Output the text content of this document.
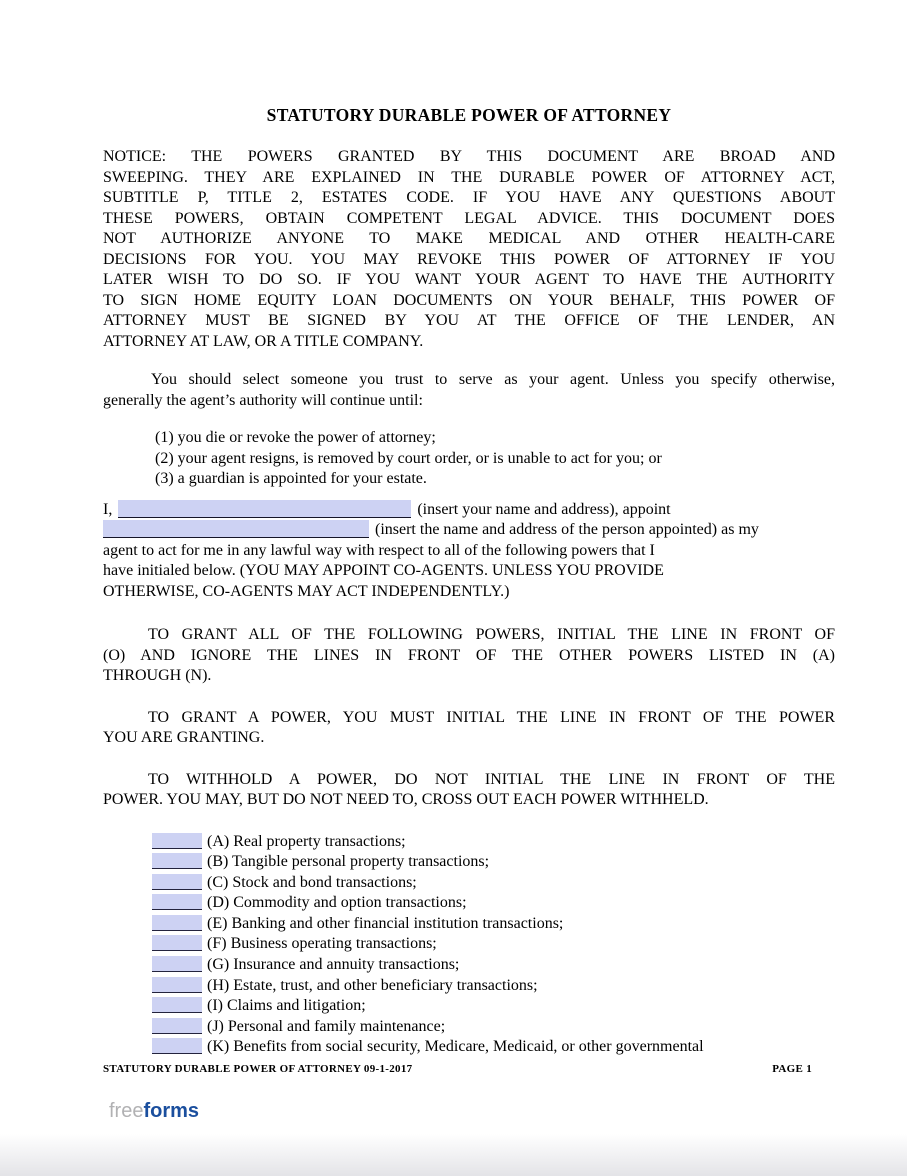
STATUTORY DURABLE POWER OF ATTORNEY
NOTICE: THE POWERS GRANTED BY THIS DOCUMENT ARE BROAD AND
SWEEPING. THEY ARE EXPLAINED IN THE DURABLE POWER OF ATTORNEY ACT,
SUBTITLE P, TITLE 2, ESTATES CODE. IF YOU HAVE ANY QUESTIONS ABOUT
THESE POWERS, OBTAIN COMPETENT LEGAL ADVICE. THIS DOCUMENT DOES
NOT AUTHORIZE ANYONE TO MAKE MEDICAL AND OTHER HEALTH-CARE
DECISIONS FOR YOU. YOU MAY REVOKE THIS POWER OF ATTORNEY IF YOU
LATER WISH TO DO SO. IF YOU WANT YOUR AGENT TO HAVE THE AUTHORITY
TO SIGN HOME EQUITY LOAN DOCUMENTS ON YOUR BEHALF, THIS POWER OF
ATTORNEY MUST BE SIGNED BY YOU AT THE OFFICE OF THE LENDER, AN
ATTORNEY AT LAW, OR A TITLE COMPANY.
You should select someone you trust to serve as your agent. Unless you specify otherwise,
generally the agent’s authority will continue until:
(1) you die or revoke the power of attorney;
(2) your agent resigns, is removed by court order, or is unable to act for you; or
(3) a guardian is appointed for your estate.
I,	(insert your name and address), appoint
(insert the name and address of the person appointed) as my
agent to act for me in any lawful way with respect to all of the following powers that I
have initialed below. (YOU MAY APPOINT CO-AGENTS. UNLESS YOU PROVIDE
OTHERWISE, CO-AGENTS MAY ACT INDEPENDENTLY.)
TO GRANT ALL OF THE FOLLOWING POWERS, INITIAL THE LINE IN FRONT OF
(O) AND IGNORE THE LINES IN FRONT OF THE OTHER POWERS LISTED IN (A)
THROUGH (N).
TO GRANT A POWER, YOU MUST INITIAL THE LINE IN FRONT OF THE POWER
YOU ARE GRANTING.
TO WITHHOLD A POWER, DO NOT INITIAL THE LINE IN FRONT OF THE
POWER. YOU MAY, BUT DO NOT NEED TO, CROSS OUT EACH POWER WITHHELD.
(A) Real property transactions;
(B) Tangible personal property transactions;
(C) Stock and bond transactions;
(D) Commodity and option transactions;
(E) Banking and other financial institution transactions;
(F) Business operating transactions;
(G) Insurance and annuity transactions;
(H) Estate, trust, and other beneficiary transactions;
(I) Claims and litigation;
(J) Personal and family maintenance;
(K) Benefits from social security, Medicare, Medicaid, or other governmental
STATUTORY DURABLE POWER OF ATTORNEY 09-1-2017	PAGE 1
freeforms
